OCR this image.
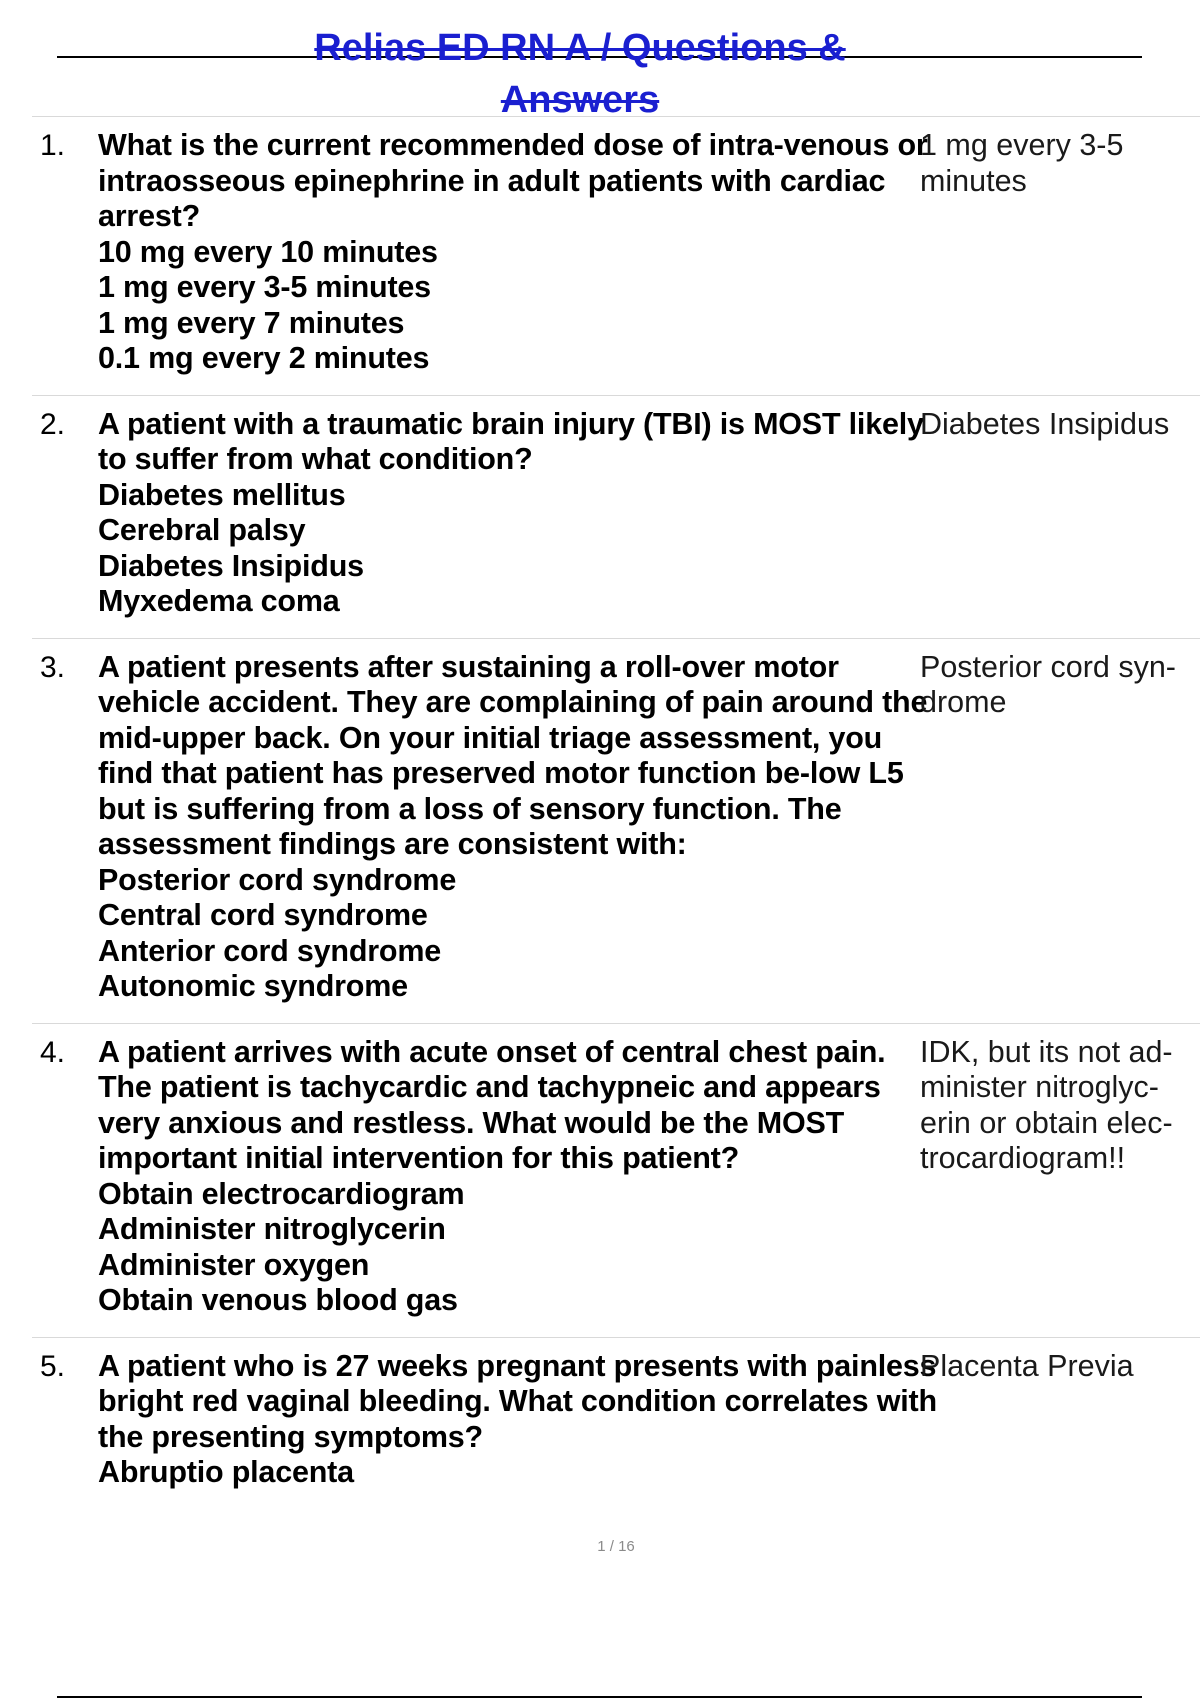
Relias ED RN A / Questions &
Answers
1. What is the current recommended dose of intra-venous or intraosseous epinephrine in adult patients with cardiac arrest?
10 mg every 10 minutes
1 mg every 3-5 minutes
1 mg every 7 minutes
0.1 mg every 2 minutes
1 mg every 3-5 minutes
2. A patient with a traumatic brain injury (TBI) is MOST likely to suffer from what condition?
Diabetes mellitus
Cerebral palsy
Diabetes Insipidus
Myxedema coma
Diabetes Insipidus
3. A patient presents after sustaining a roll-over motor vehicle accident. They are complaining of pain around the mid-upper back. On your initial triage assessment, you find that patient has preserved motor function be-low L5 but is suffering from a loss of sensory function. The assessment findings are consistent with:
Posterior cord syndrome
Central cord syndrome
Anterior cord syndrome
Autonomic syndrome
Posterior cord syn-drome
4. A patient arrives with acute onset of central chest pain. The patient is tachycardic and tachypneic and appears very anxious and restless. What would be the MOST important initial intervention for this patient?
Obtain electrocardiogram
Administer nitroglycerin
Administer oxygen
Obtain venous blood gas
IDK, but its not ad-minister nitroglyc-erin or obtain elec-trocardiogram!!
5. A patient who is 27 weeks pregnant presents with painless bright red vaginal bleeding. What condition correlates with the presenting symptoms?
Abruptio placenta
Placenta Previa
1 / 16
